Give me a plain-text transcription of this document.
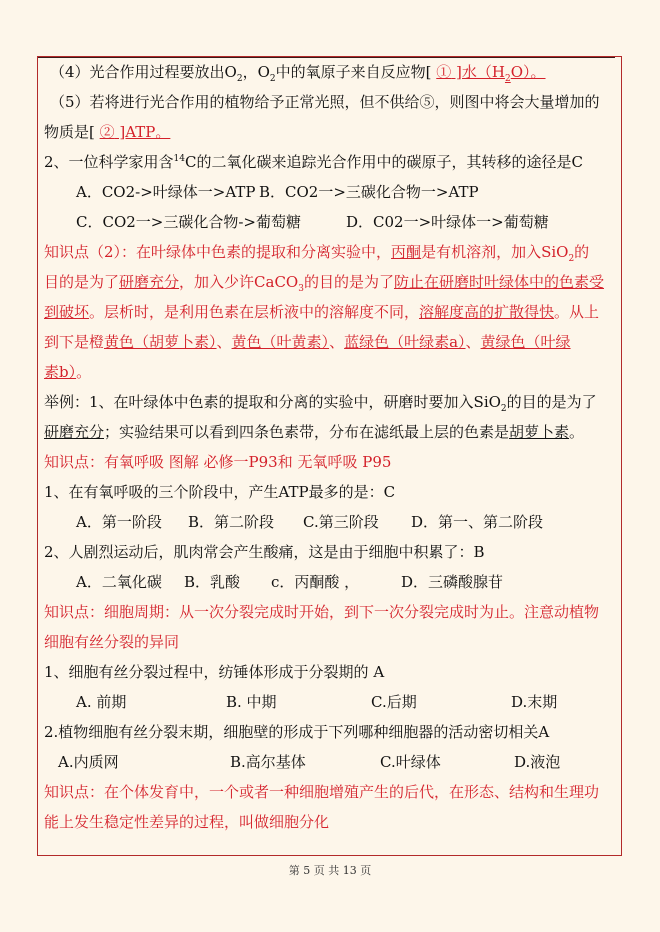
（4）光合作用过程要放出$O_2$，$O_2$中的氧原子来自反应物[ ① ]水$(H_2O)$。
（5）若将进行光合作用的植物给予正常光照，但不供给⑤，则图中将会大量增加的
物质是[ ② ]ATP。
2、一位科学家用含$^{14}$C的二氧化碳来追踪光合作用中的碳原子，其转移的途径是C
A．CO2->叶绿体一>ATP B．CO2一>三碳化合物一>ATP
C．CO2一>三碳化合物->葡萄糖	D．C02一>叶绿体一>葡萄糖
知识点（2）：在叶绿体中色素的提取和分离实验中，丙酮是有机溶剂，加入SiO$_2$的
目的是为了研磨充分，加入少许CaCO$_3$的目的是为了防止在研磨时叶绿体中的色素受
到破坏。层析时，是利用色素在层析液中的溶解度不同，溶解度高的扩散得快。从上
到下是橙黄色（胡萝卜素）、黄色（叶黄素）、蓝绿色（叶绿素a）、黄绿色（叶绿
素b）。
举例：1、在叶绿体中色素的提取和分离的实验中，研磨时要加入SiO$_2$的目的是为了
研磨充分；实验结果可以看到四条色素带，分布在滤纸最上层的色素是胡萝卜素。
知识点：有氧呼吸 图解 必修一P93和 无氧呼吸 P95
1、在有氧呼吸的三个阶段中，产生ATP最多的是：C
A．第一阶段 B．第二阶段 C.第三阶段 D．第一、第二阶段
2、人剧烈运动后，肌肉常会产生酸痛，这是由于细胞中积累了：B
A．二氧化碳 B．乳酸 c．丙酮酸 ，	D．三磷酸腺苷
知识点：细胞周期：从一次分裂完成时开始，到下一次分裂完成时为止。注意动植物
细胞有丝分裂的异同
1、细胞有丝分裂过程中，纺锤体形成于分裂期的 A
A. 前期	B. 中期	C.后期	D.末期
2.植物细胞有丝分裂末期，细胞壁的形成于下列哪种细胞器的活动密切相关A
A.内质网	B.高尔基体	C.叶绿体	D.液泡
知识点：在个体发育中，一个或者一种细胞增殖产生的后代，在形态、结构和生理功
能上发生稳定性差异的过程，叫做细胞分化
第 5 页 共 13 页
